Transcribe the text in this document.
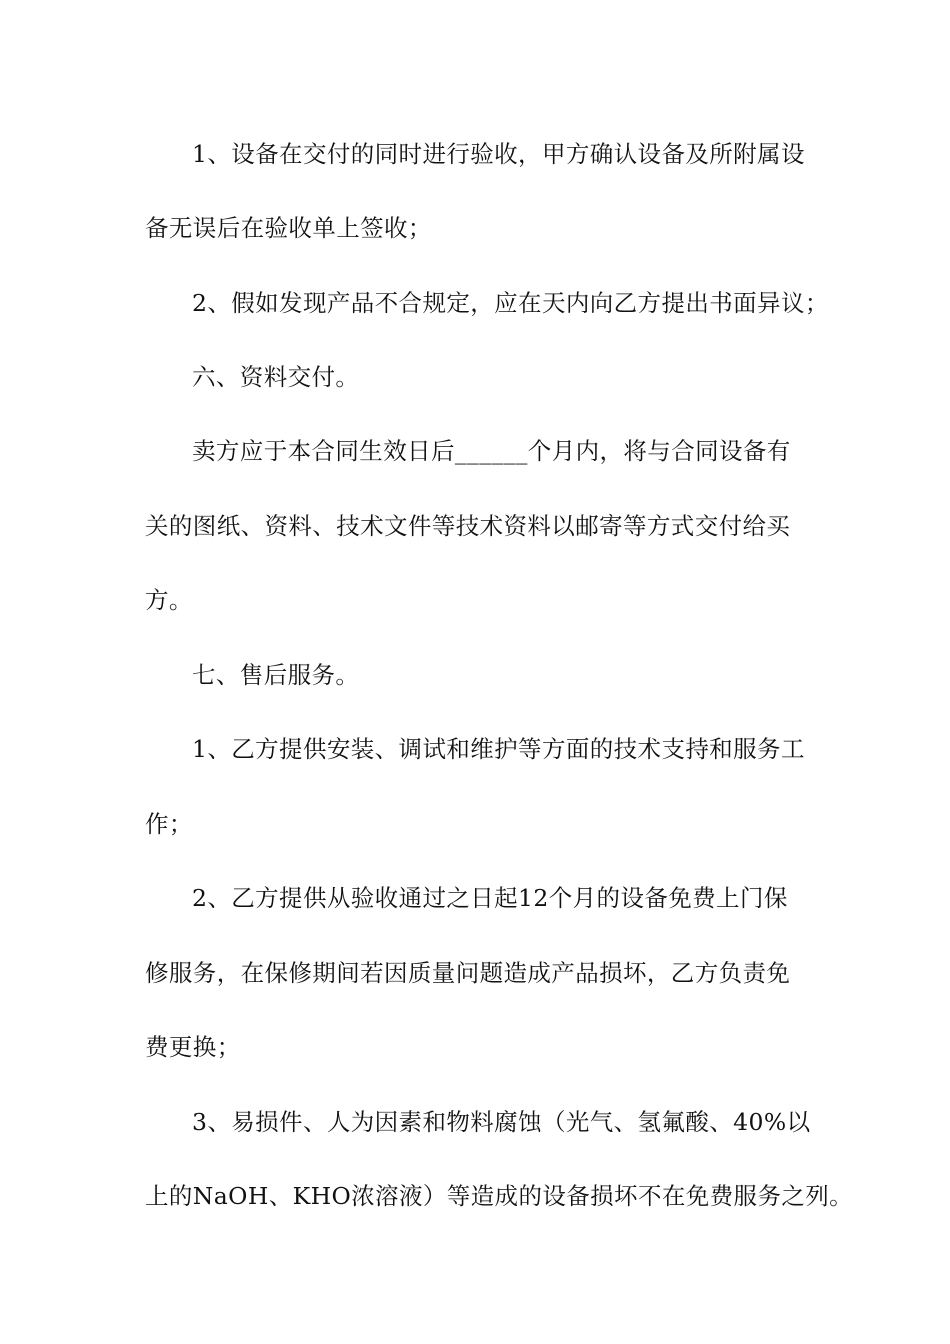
1、设备在交付的同时进行验收，甲方确认设备及所附属设
备无误后在验收单上签收；
2、假如发现产品不合规定，应在天内向乙方提出书面异议；
六、资料交付。
卖方应于本合同生效日后______个月内，将与合同设备有
关的图纸、资料、技术文件等技术资料以邮寄等方式交付给买
方。
七、售后服务。
1、乙方提供安装、调试和维护等方面的技术支持和服务工
作；
2、乙方提供从验收通过之日起12个月的设备免费上门保
修服务，在保修期间若因质量问题造成产品损坏，乙方负责免
费更换；
3、易损件、人为因素和物料腐蚀（光气、氢氟酸、40%以
上的NaOH、KHO浓溶液）等造成的设备损坏不在免费服务之列。
